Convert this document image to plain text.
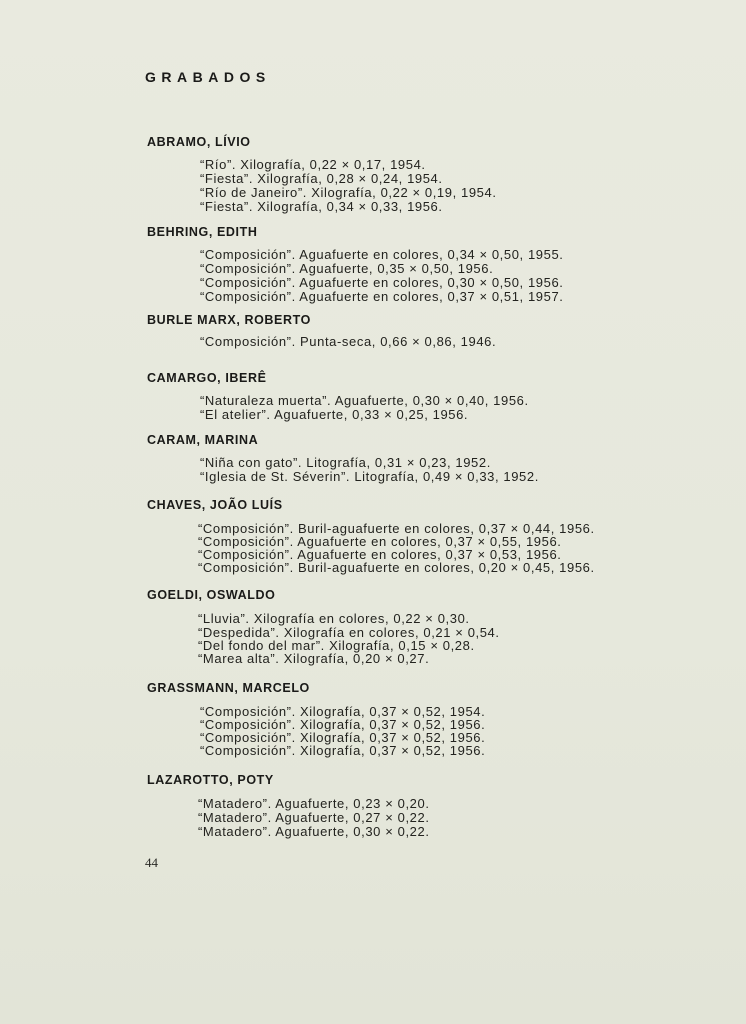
GRABADOS
ABRAMO, LÍVIO
“Río”. Xilografía, 0,22 × 0,17, 1954.
“Fiesta”. Xilografía, 0,28 × 0,24, 1954.
“Río de Janeiro”. Xilografía, 0,22 × 0,19, 1954.
“Fiesta”. Xilografía, 0,34 × 0,33, 1956.
BEHRING, EDITH
“Composición”. Aguafuerte en colores, 0,34 × 0,50, 1955.
“Composición”. Aguafuerte, 0,35 × 0,50, 1956.
“Composición”. Aguafuerte en colores, 0,30 × 0,50, 1956.
“Composición”. Aguafuerte en colores, 0,37 × 0,51, 1957.
BURLE MARX, ROBERTO
“Composición”. Punta-seca, 0,66 × 0,86, 1946.
CAMARGO, IBERÊ
“Naturaleza muerta”. Aguafuerte, 0,30 × 0,40, 1956.
“El atelier”. Aguafuerte, 0,33 × 0,25, 1956.
CARAM, MARINA
“Niña con gato”. Litografía, 0,31 × 0,23, 1952.
“Iglesia de St. Séverin”. Litografía, 0,49 × 0,33, 1952.
CHAVES, JOÃO LUÍS
“Composición”. Buril-aguafuerte en colores, 0,37 × 0,44, 1956.
“Composición”. Aguafuerte en colores, 0,37 × 0,55, 1956.
“Composición”. Aguafuerte en colores, 0,37 × 0,53, 1956.
“Composición”. Buril-aguafuerte en colores, 0,20 × 0,45, 1956.
GOELDI, OSWALDO
“Lluvia”. Xilografía en colores, 0,22 × 0,30.
“Despedida”. Xilografía en colores, 0,21 × 0,54.
“Del fondo del mar”. Xilografía, 0,15 × 0,28.
“Marea alta”. Xilografía, 0,20 × 0,27.
GRASSMANN, MARCELO
“Composición”. Xilografía, 0,37 × 0,52, 1954.
“Composición”. Xilografía, 0,37 × 0,52, 1956.
“Composición”. Xilografía, 0,37 × 0,52, 1956.
“Composición”. Xilografía, 0,37 × 0,52, 1956.
LAZAROTTO, POTY
“Matadero”. Aguafuerte, 0,23 × 0,20.
“Matadero”. Aguafuerte, 0,27 × 0,22.
“Matadero”. Aguafuerte, 0,30 × 0,22.
44
